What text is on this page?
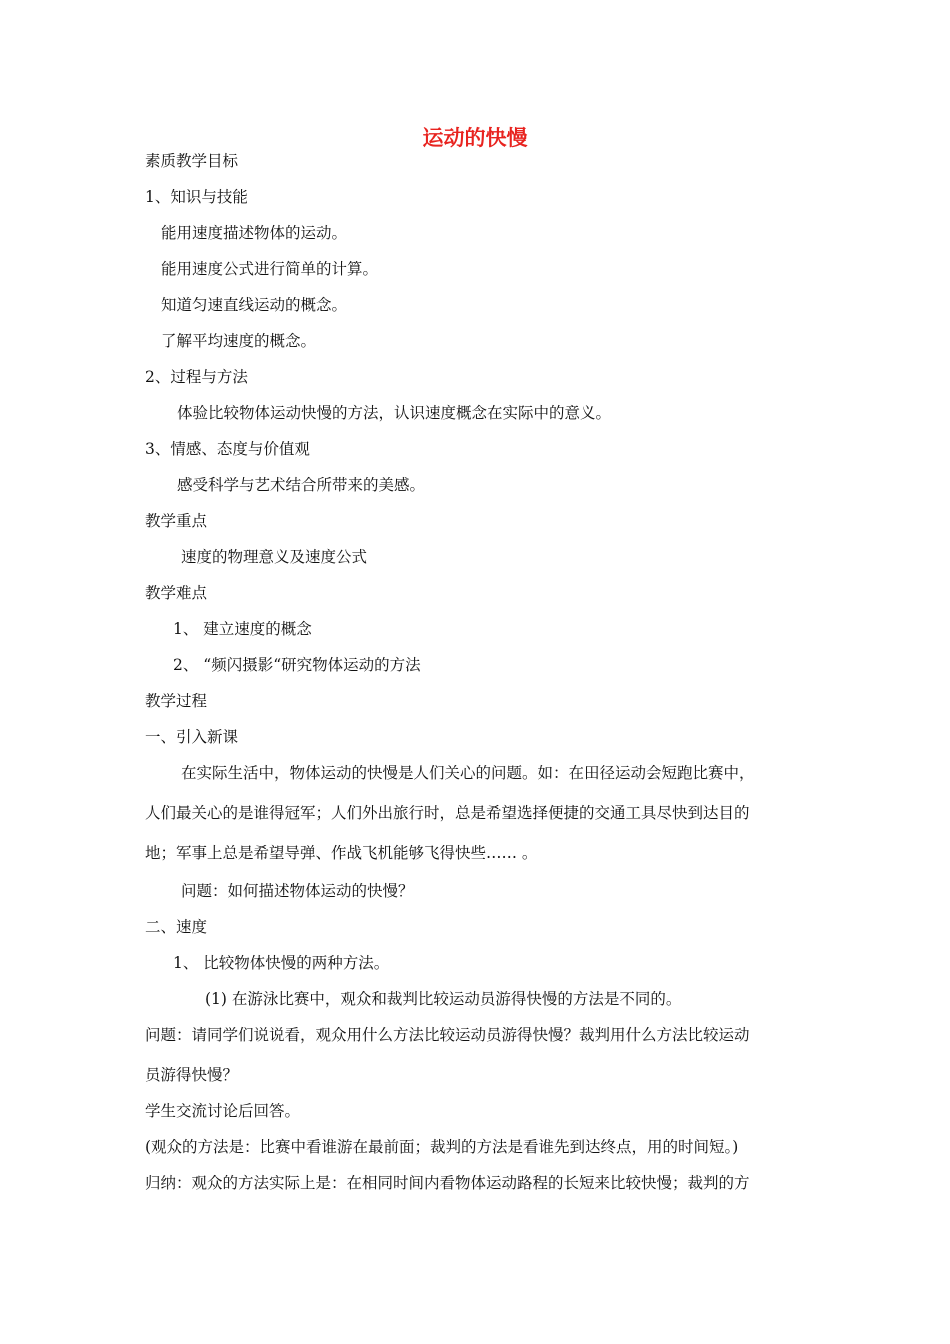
运动的快慢
素质教学目标
1、知识与技能
能用速度描述物体的运动。
能用速度公式进行简单的计算。
知道匀速直线运动的概念。
了解平均速度的概念。
2、过程与方法
体验比较物体运动快慢的方法，认识速度概念在实际中的意义。
3、情感、态度与价值观
感受科学与艺术结合所带来的美感。
教学重点
速度的物理意义及速度公式
教学难点
1、 建立速度的概念
2、 “频闪摄影“研究物体运动的方法
教学过程
一、引入新课
在实际生活中，物体运动的快慢是人们关心的问题。如：在田径运动会短跑比赛中，
人们最关心的是谁得冠军；人们外出旅行时，总是希望选择便捷的交通工具尽快到达目的
地；军事上总是希望导弹、作战飞机能够飞得快些…… 。
问题：如何描述物体运动的快慢？
二、速度
1、 比较物体快慢的两种方法。
(1) 在游泳比赛中，观众和裁判比较运动员游得快慢的方法是不同的。
问题：请同学们说说看，观众用什么方法比较运动员游得快慢？裁判用什么方法比较运动
员游得快慢？
学生交流讨论后回答。
(观众的方法是：比赛中看谁游在最前面；裁判的方法是看谁先到达终点，用的时间短。)
归纳：观众的方法实际上是：在相同时间内看物体运动路程的长短来比较快慢；裁判的方
